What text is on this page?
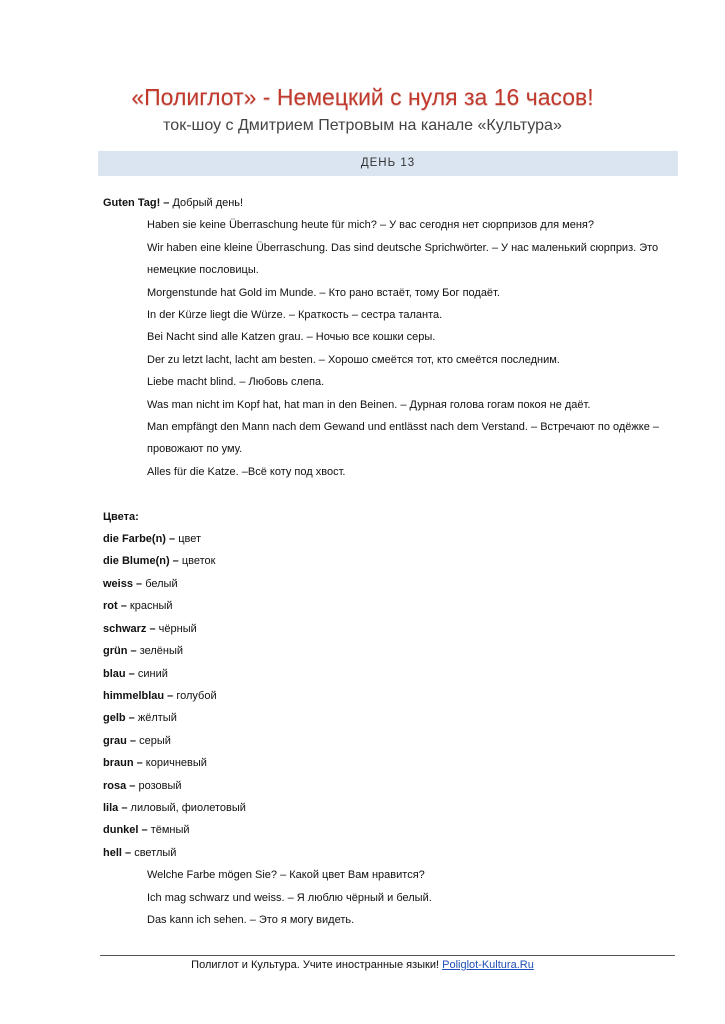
«Полиглот» - Немецкий с нуля за 16 часов!
ток-шоу с Дмитрием Петровым на канале «Культура»
ДЕНЬ 13

Guten Tag! – Добрый день!

Haben sie keine Überraschung heute für mich? – У вас сегодня нет сюрпризов для меня?

Wir haben eine kleine Überraschung. Das sind deutsche Sprichwörter. – У нас маленький сюрприз. Это немецкие пословицы.

Morgenstunde hat Gold im Munde. – Кто рано встаёт, тому Бог подаёт.

In der Kürze liegt die Würze. – Краткость – сестра таланта.

Bei Nacht sind alle Katzen grau. – Ночью все кошки серы.

Der zu letzt lacht, lacht am besten. – Хорошо смеётся тот, кто смеётся последним.

Liebe macht blind. – Любовь слепа.

Was man nicht im Kopf hat, hat man in den Beinen. – Дурная голова гогам покоя не даёт.

Man empfängt den Mann nach dem Gewand und entlässt nach dem Verstand. – Встречают по одёжке – провожают по уму.

Alles für die Katze. –Всё коту под хвост.

Цвета:

die Farbe(n) – цвет

die Blume(n) – цветок

weiss – белый

rot – красный

schwarz – чёрный

grün – зелёный

blau – синий

himmelblau – голубой

gelb – жёлтый

grau – серый

braun – коричневый

rosa – розовый

lila – лиловый, фиолетовый

dunkel – тёмный

hell – светлый

Welche Farbe mögen Sie? – Какой цвет Вам нравится?

Ich mag schwarz und weiss. – Я люблю чёрный и белый.

Das kann ich sehen. – Это я могу видеть.

Полиглот и Культура. Учите иностранные языки! Poliglot-Kultura.Ru
